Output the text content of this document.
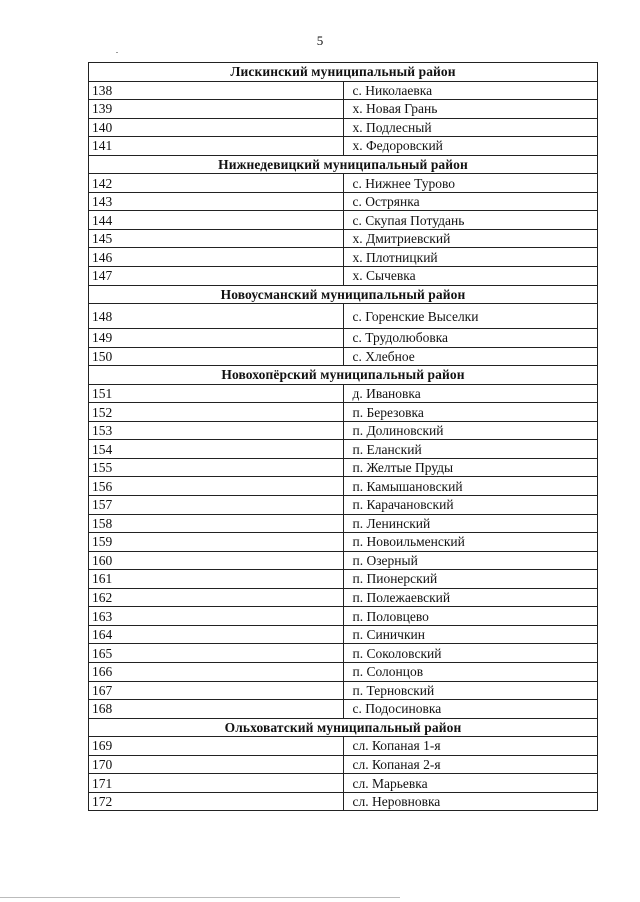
5
Лискинский муниципальный район	
138	с. Николаевка
139	х. Новая Грань
140	х. Подлесный
141	х. Федоровский
Нижнедевицкий муниципальный район	
142	с. Нижнее Турово
143	с. Острянка
144	с. Скупая Потудань
145	х. Дмитриевский
146	х. Плотницкий
147	х. Сычевка
Новоусманский муниципальный район	
148	с. Горенские Выселки
149	с. Трудолюбовка
150	с. Хлебное
Новохопёрский муниципальный район	
151	д. Ивановка
152	п. Березовка
153	п. Долиновский
154	п. Еланский
155	п. Желтые Пруды
156	п. Камышановский
157	п. Карачановский
158	п. Ленинский
159	п. Новоильменский
160	п. Озерный
161	п. Пионерский
162	п. Полежаевский
163	п. Половцево
164	п. Синичкин
165	п. Соколовский
166	п. Солонцов
167	п. Терновский
168	с. Подосиновка
Ольховатский муниципальный район	
169	сл. Копаная 1-я
170	сл. Копаная 2-я
171	сл. Марьевка
172	сл. Неровновка
